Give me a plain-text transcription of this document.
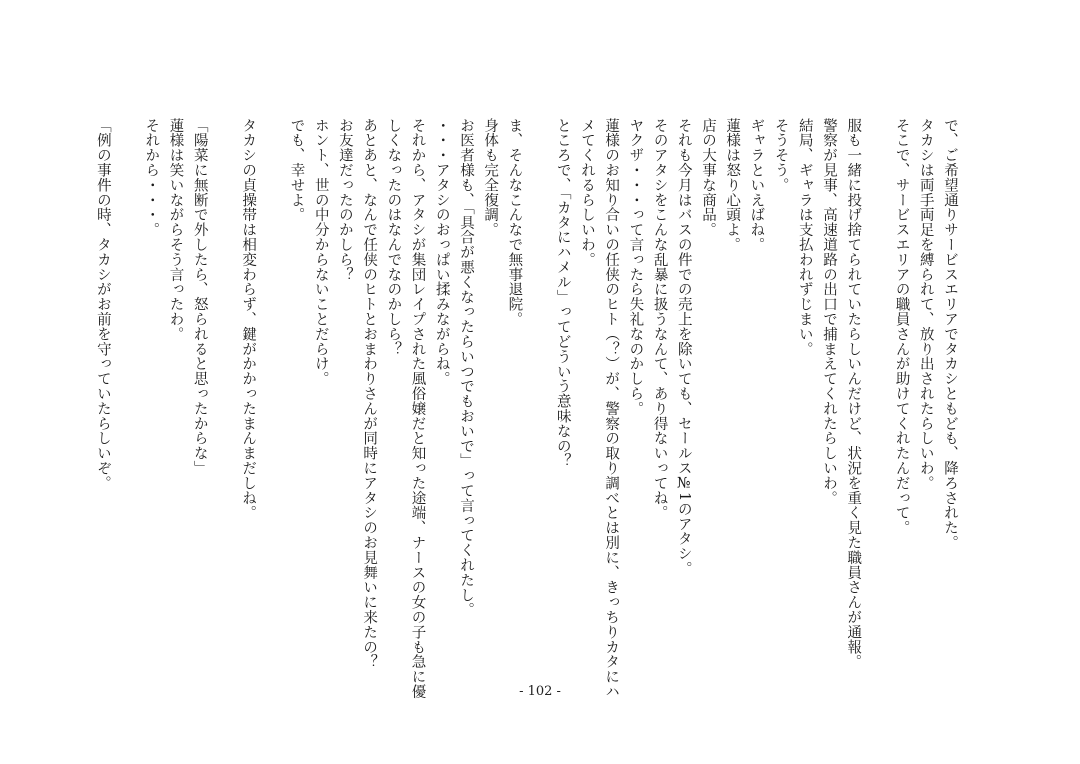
で、ご希望通りサービスエリアでタカシともども、降ろされた。
タカシは両手両足を縛られて、放り出されたらしいわ。
そこで、サービスエリアの職員さんが助けてくれたんだって。

服も一緒に投げ捨てられていたらしいんだけど、状況を重く見た職員さんが通報。
警察が見事、高速道路の出口で捕まえてくれたらしいわ。
結局、ギャラは支払われずじまい。
そうそう。
ギャラといえばね。
蓮様は怒り心頭よ。
店の大事な商品。
それも今月はバスの件での売上を除いても、セールス№1のアタシ。
そのアタシをこんな乱暴に扱うなんて、あり得ないってね。
ヤクザ・・・って言ったら失礼なのかしら。
蓮様のお知り合いの任侠のヒト（？）が、警察の取り調べとは別に、きっちりカタにハ
メてくれるらしいわ。
ところで、「カタにハメル」ってどういう意味なの？

ま、そんなこんなで無事退院。
身体も完全復調。
お医者様も、「具合が悪くなったらいつでもおいで」って言ってくれたし。
・・・アタシのおっぱい揉みながらね。
それから、アタシが集団レイプされた風俗嬢だと知った途端、ナースの女の子も急に優
しくなったのはなんでなのかしら？
あとあと、なんで任侠のヒトとおまわりさんが同時にアタシのお見舞いに来たの？
お友達だったのかしら？
ホント、世の中分からないことだらけ。
でも、幸せよ。

タカシの貞操帯は相変わらず、鍵がかかったまんまだしね。

「陽菜に無断で外したら、怒られると思ったからな」
蓮様は笑いながらそう言ったわ。
それから・・・。

「例の事件の時、タカシがお前を守っていたらしいぞ。
- 102 -
